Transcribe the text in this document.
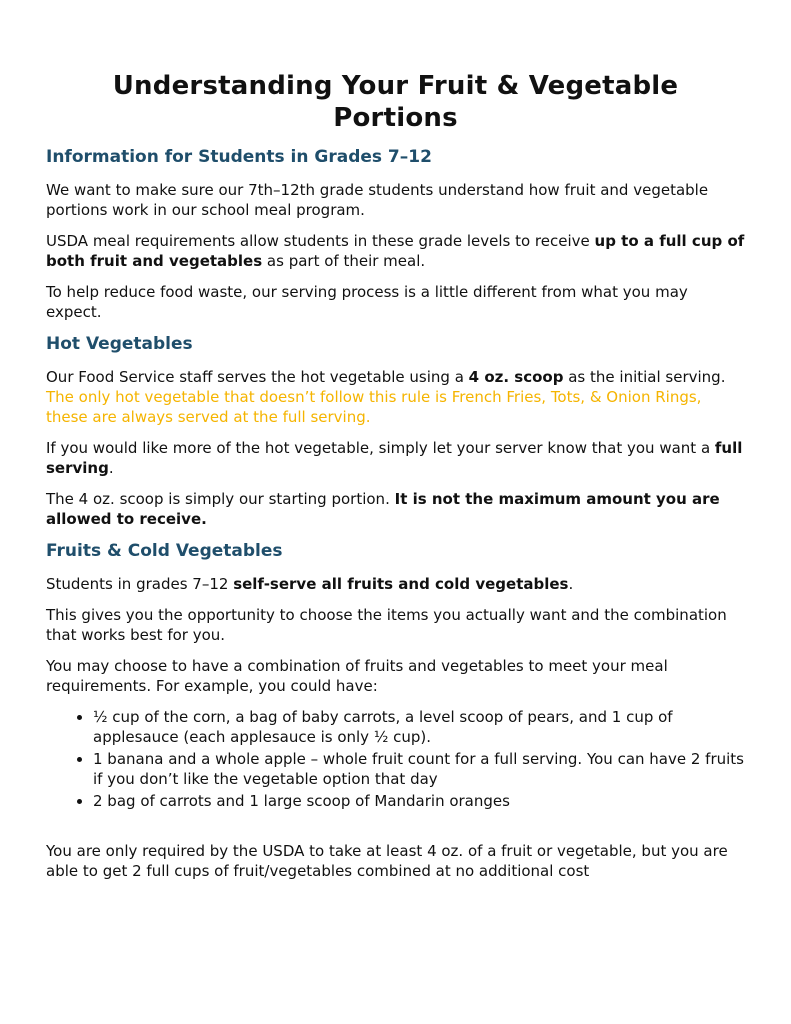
Understanding Your Fruit & Vegetable Portions
Information for Students in Grades 7–12

We want to make sure our 7th–12th grade students understand how fruit and vegetable portions work in our school meal program.

USDA meal requirements allow students in these grade levels to receive up to a full cup of both fruit and vegetables as part of their meal.

To help reduce food waste, our serving process is a little different from what you may expect.

Hot Vegetables

Our Food Service staff serves the hot vegetable using a 4 oz. scoop as the initial serving. The only hot vegetable that doesn’t follow this rule is French Fries, Tots, & Onion Rings, these are always served at the full serving.

If you would like more of the hot vegetable, simply let your server know that you want a full serving.

The 4 oz. scoop is simply our starting portion. It is not the maximum amount you are allowed to receive.

Fruits & Cold Vegetables

Students in grades 7–12 self-serve all fruits and cold vegetables.

This gives you the opportunity to choose the items you actually want and the combination that works best for you.

You may choose to have a combination of fruits and vegetables to meet your meal requirements. For example, you could have:

• ½ cup of the corn, a bag of baby carrots, a level scoop of pears, and 1 cup of applesauce (each applesauce is only ½ cup).
• 1 banana and a whole apple – whole fruit count for a full serving. You can have 2 fruits if you don’t like the vegetable option that day
• 2 bag of carrots and 1 large scoop of Mandarin oranges

You are only required by the USDA to take at least 4 oz. of a fruit or vegetable, but you are able to get 2 full cups of fruit/vegetables combined at no additional cost
